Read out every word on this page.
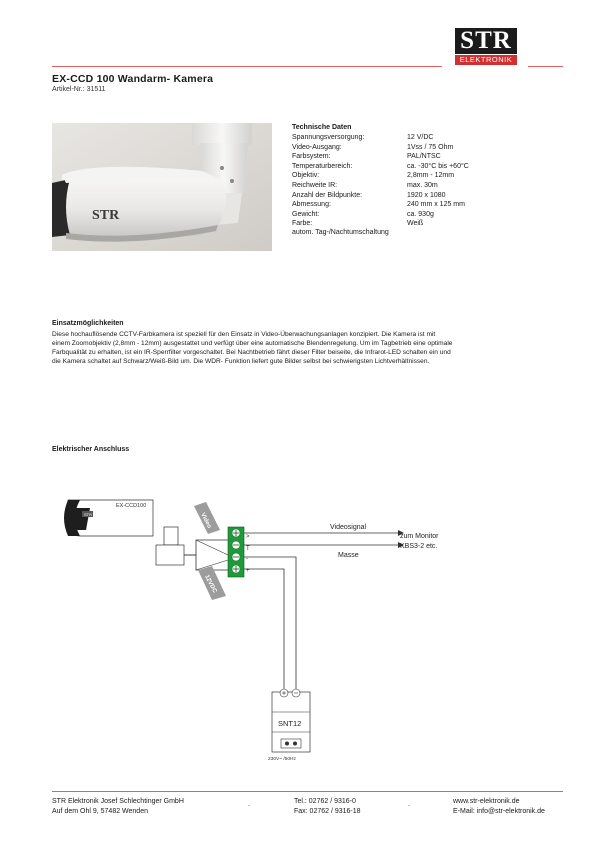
STR
ELEKTRONIK
EX-CCD 100 Wandarm- Kamera
Artikel-Nr.: 31511
STR
Technische Daten
Spannungsversorgung:	12 V/DC
Video-Ausgang:	1Vss / 75 Ohm
Farbsystem:	PAL/NTSC
Temperaturbereich:	ca. -30°C bis +60°C
Objektiv:	2,8mm - 12mm
Reichweite IR:	max. 30m
Anzahl der Bildpunkte:	1920 x 1080
Abmessung:	240 mm x 125 mm
Gewicht:	ca. 930g
Farbe:	Weiß
autom. Tag-/Nachtumschaltung
Einsatzmöglichkeiten
Diese hochauflösende CCTV-Farbkamera ist speziell für den Einsatz in Video-Überwachungsanlagen konzipiert. Die Kamera ist mit
einem Zoomobjektiv (2,8mm - 12mm) ausgestattet und verfügt über eine automatische Blendenregelung. Um im Tagbetrieb eine optimale
Farbqualität zu erhalten, ist ein IR-Sperrfilter vorgeschaltet. Bei Nachtbetrieb fährt dieser Filter beiseite, die Infrarot-LED schalten ein und
die Kamera schaltet auf Schwarz/Weiß-Bild um. Die WDR- Funktion liefert gute Bilder selbst bei schwierigsten Lichtverhältnissen.
Elektrischer Anschluss
STR
EX-CCD100
Video
12VDC
>
T
-
+
Videosignal
Masse
zum Monitor
KBS3-2 etc.
SNT12
230V~ /50Hz
STR Elektronik Josef Schlechtinger GmbH
Auf dem Ohl 9, 57482 Wenden
.	Tel.: 02762 / 9316-0
Fax: 02762 / 9316-18
.	www.str-elektronik.de
E-Mail: info@str-elektronik.de
